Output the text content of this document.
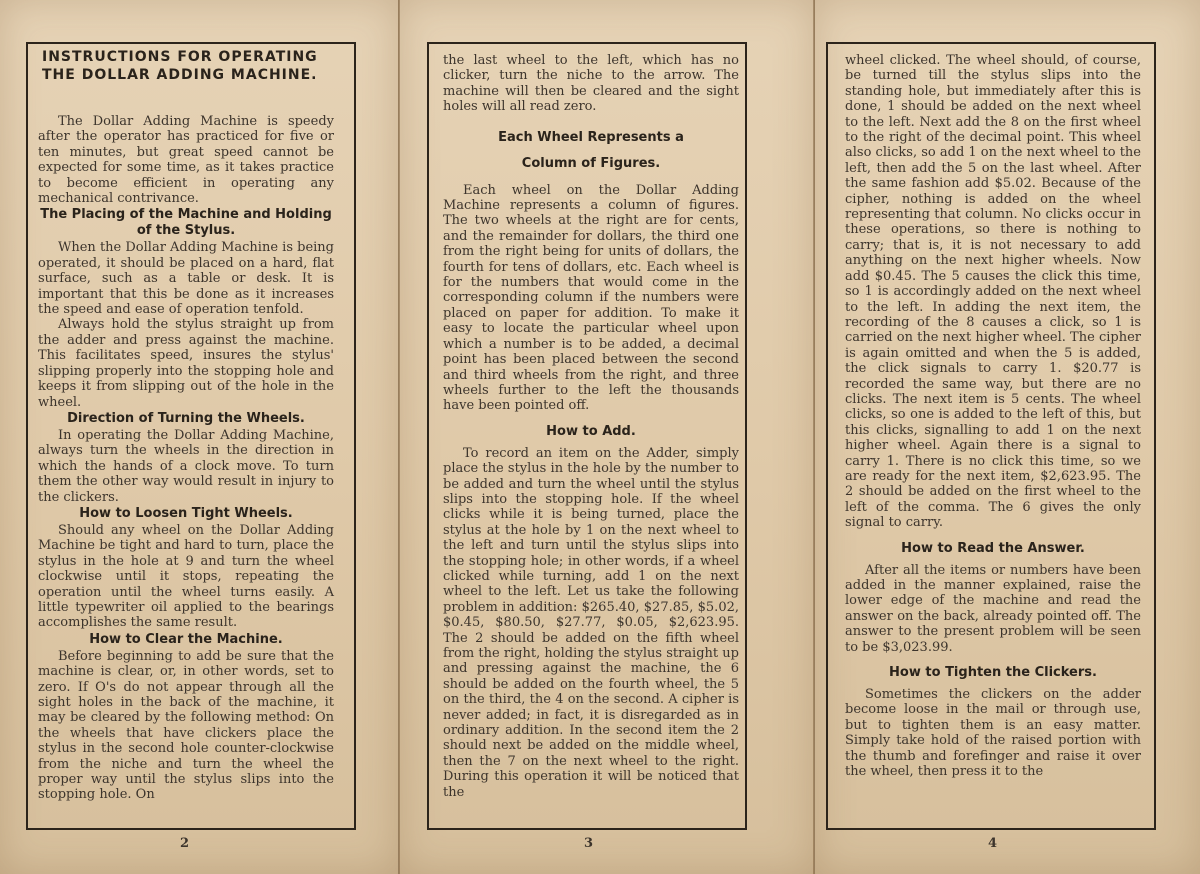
INSTRUCTIONS FOR OPERATING
THE DOLLAR ADDING MACHINE.

The Dollar Adding Machine is speedy after the operator has practiced for five or ten minutes, but great speed cannot be expected for some time, as it takes practice to become efficient in operating any mechanical contrivance.

The Placing of the Machine and Holding of the Stylus.

When the Dollar Adding Machine is being operated, it should be placed on a hard, flat surface, such as a table or desk. It is important that this be done as it increases the speed and ease of operation tenfold.

Always hold the stylus straight up from the adder and press against the machine. This facilitates speed, insures the stylus' slipping properly into the stopping hole and keeps it from slipping out of the hole in the wheel.

Direction of Turning the Wheels.

In operating the Dollar Adding Machine, always turn the wheels in the direction in which the hands of a clock move. To turn them the other way would result in injury to the clickers.

How to Loosen Tight Wheels.

Should any wheel on the Dollar Adding Machine be tight and hard to turn, place the stylus in the hole at 9 and turn the wheel clockwise until it stops, repeating the operation until the wheel turns easily. A little typewriter oil applied to the bearings accomplishes the same result.

How to Clear the Machine.

Before beginning to add be sure that the machine is clear, or, in other words, set to zero. If O's do not appear through all the sight holes in the back of the machine, it may be cleared by the following method: On the wheels that have clickers place the stylus in the second hole counter-clockwise from the niche and turn the wheel the proper way until the stylus slips into the stopping hole. On

the last wheel to the left, which has no clicker, turn the niche to the arrow. The machine will then be cleared and the sight holes will all read zero.

Each Wheel Represents a Column of Figures.

Each wheel on the Dollar Adding Machine represents a column of figures. The two wheels at the right are for cents, and the remainder for dollars, the third one from the right being for units of dollars, the fourth for tens of dollars, etc. Each wheel is for the numbers that would come in the corresponding column if the numbers were placed on paper for addition. To make it easy to locate the particular wheel upon which a number is to be added, a decimal point has been placed between the second and third wheels from the right, and three wheels further to the left the thousands have been pointed off.

How to Add.

To record an item on the Adder, simply place the stylus in the hole by the number to be added and turn the wheel until the stylus slips into the stopping hole. If the wheel clicks while it is being turned, place the stylus at the hole by 1 on the next wheel to the left and turn until the stylus slips into the stopping hole; in other words, if a wheel clicked while turning, add 1 on the next wheel to the left. Let us take the following problem in addition: $265.40, $27.85, $5.02, $0.45, $80.50, $27.77, $0.05, $2,623.95. The 2 should be added on the fifth wheel from the right, holding the stylus straight up and pressing against the machine, the 6 should be added on the fourth wheel, the 5 on the third, the 4 on the second. A cipher is never added; in fact, it is disregarded as in ordinary addition. In the second item the 2 should next be added on the middle wheel, then the 7 on the next wheel to the right. During this operation it will be noticed that the

wheel clicked. The wheel should, of course, be turned till the stylus slips into the standing hole, but immediately after this is done, 1 should be added on the next wheel to the left. Next add the 8 on the first wheel to the right of the decimal point. This wheel also clicks, so add 1 on the next wheel to the left, then add the 5 on the last wheel. After the same fashion add $5.02. Because of the cipher, nothing is added on the wheel representing that column. No clicks occur in these operations, so there is nothing to carry; that is, it is not necessary to add anything on the next higher wheels. Now add $0.45. The 5 causes the click this time, so 1 is accordingly added on the next wheel to the left. In adding the next item, the recording of the 8 causes a click, so 1 is carried on the next higher wheel. The cipher is again omitted and when the 5 is added, the click signals to carry 1. $20.77 is recorded the same way, but there are no clicks. The next item is 5 cents. The wheel clicks, so one is added to the left of this, but this clicks, signalling to add 1 on the next higher wheel. Again there is a signal to carry 1. There is no click this time, so we are ready for the next item, $2,623.95. The 2 should be added on the first wheel to the left of the comma. The 6 gives the only signal to carry.

How to Read the Answer.

After all the items or numbers have been added in the manner explained, raise the lower edge of the machine and read the answer on the back, already pointed off. The answer to the present problem will be seen to be $3,023.99.

How to Tighten the Clickers.

Sometimes the clickers on the adder become loose in the mail or through use, but to tighten them is an easy matter. Simply take hold of the raised portion with the thumb and forefinger and raise it over the wheel, then press it to the

2	3	4
